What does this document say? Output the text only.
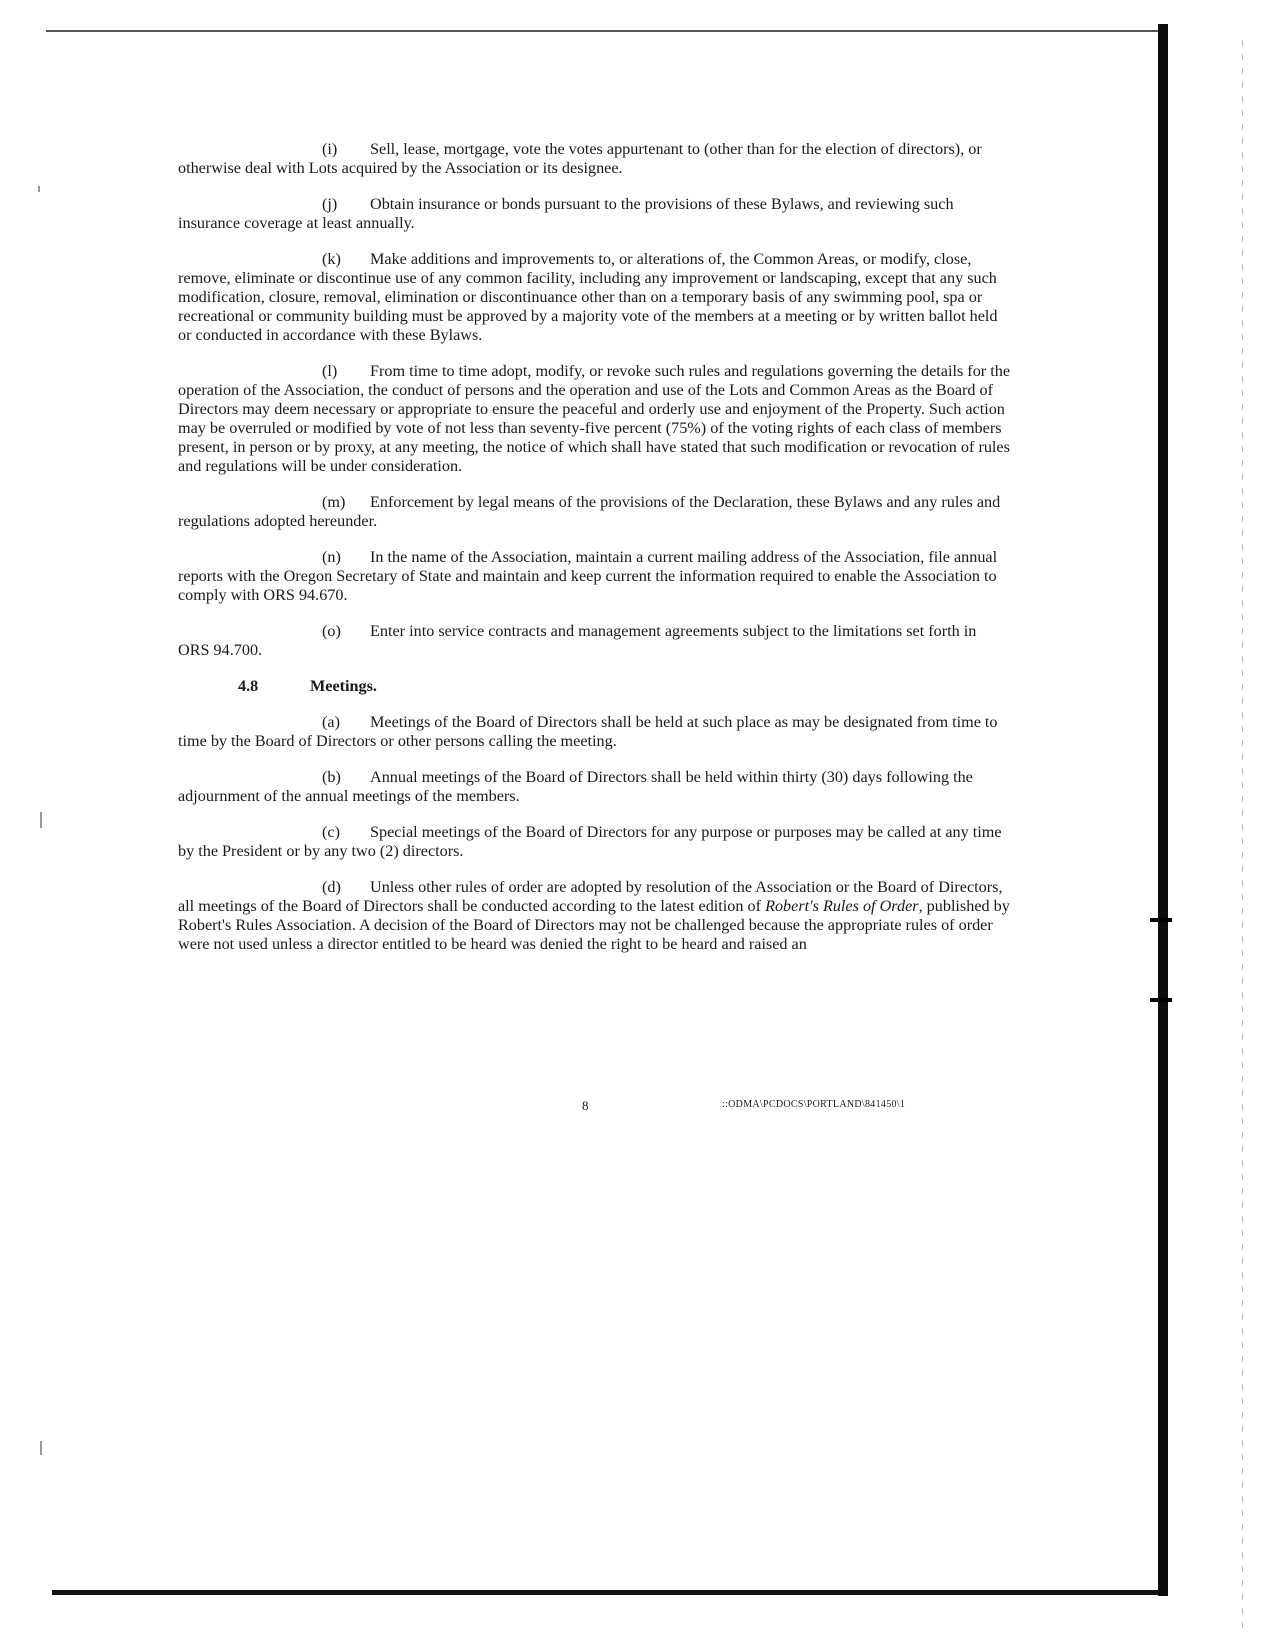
(i) Sell, lease, mortgage, vote the votes appurtenant to (other than for the election of directors), or otherwise deal with Lots acquired by the Association or its designee.

(j) Obtain insurance or bonds pursuant to the provisions of these Bylaws, and reviewing such insurance coverage at least annually.

(k) Make additions and improvements to, or alterations of, the Common Areas, or modify, close, remove, eliminate or discontinue use of any common facility, including any improvement or landscaping, except that any such modification, closure, removal, elimination or discontinuance other than on a temporary basis of any swimming pool, spa or recreational or community building must be approved by a majority vote of the members at a meeting or by written ballot held or conducted in accordance with these Bylaws.

(l) From time to time adopt, modify, or revoke such rules and regulations governing the details for the operation of the Association, the conduct of persons and the operation and use of the Lots and Common Areas as the Board of Directors may deem necessary or appropriate to ensure the peaceful and orderly use and enjoyment of the Property. Such action may be overruled or modified by vote of not less than seventy-five percent (75%) of the voting rights of each class of members present, in person or by proxy, at any meeting, the notice of which shall have stated that such modification or revocation of rules and regulations will be under consideration.

(m) Enforcement by legal means of the provisions of the Declaration, these Bylaws and any rules and regulations adopted hereunder.

(n) In the name of the Association, maintain a current mailing address of the Association, file annual reports with the Oregon Secretary of State and maintain and keep current the information required to enable the Association to comply with ORS 94.670.

(o) Enter into service contracts and management agreements subject to the limitations set forth in ORS 94.700.

4.8	Meetings.

(a) Meetings of the Board of Directors shall be held at such place as may be designated from time to time by the Board of Directors or other persons calling the meeting.

(b) Annual meetings of the Board of Directors shall be held within thirty (30) days following the adjournment of the annual meetings of the members.

(c) Special meetings of the Board of Directors for any purpose or purposes may be called at any time by the President or by any two (2) directors.

(d) Unless other rules of order are adopted by resolution of the Association or the Board of Directors, all meetings of the Board of Directors shall be conducted according to the latest edition of Robert's Rules of Order, published by Robert's Rules Association. A decision of the Board of Directors may not be challenged because the appropriate rules of order were not used unless a director entitled to be heard was denied the right to be heard and raised an

8	::ODMA\PCDOCS\PORTLAND\841450\1
